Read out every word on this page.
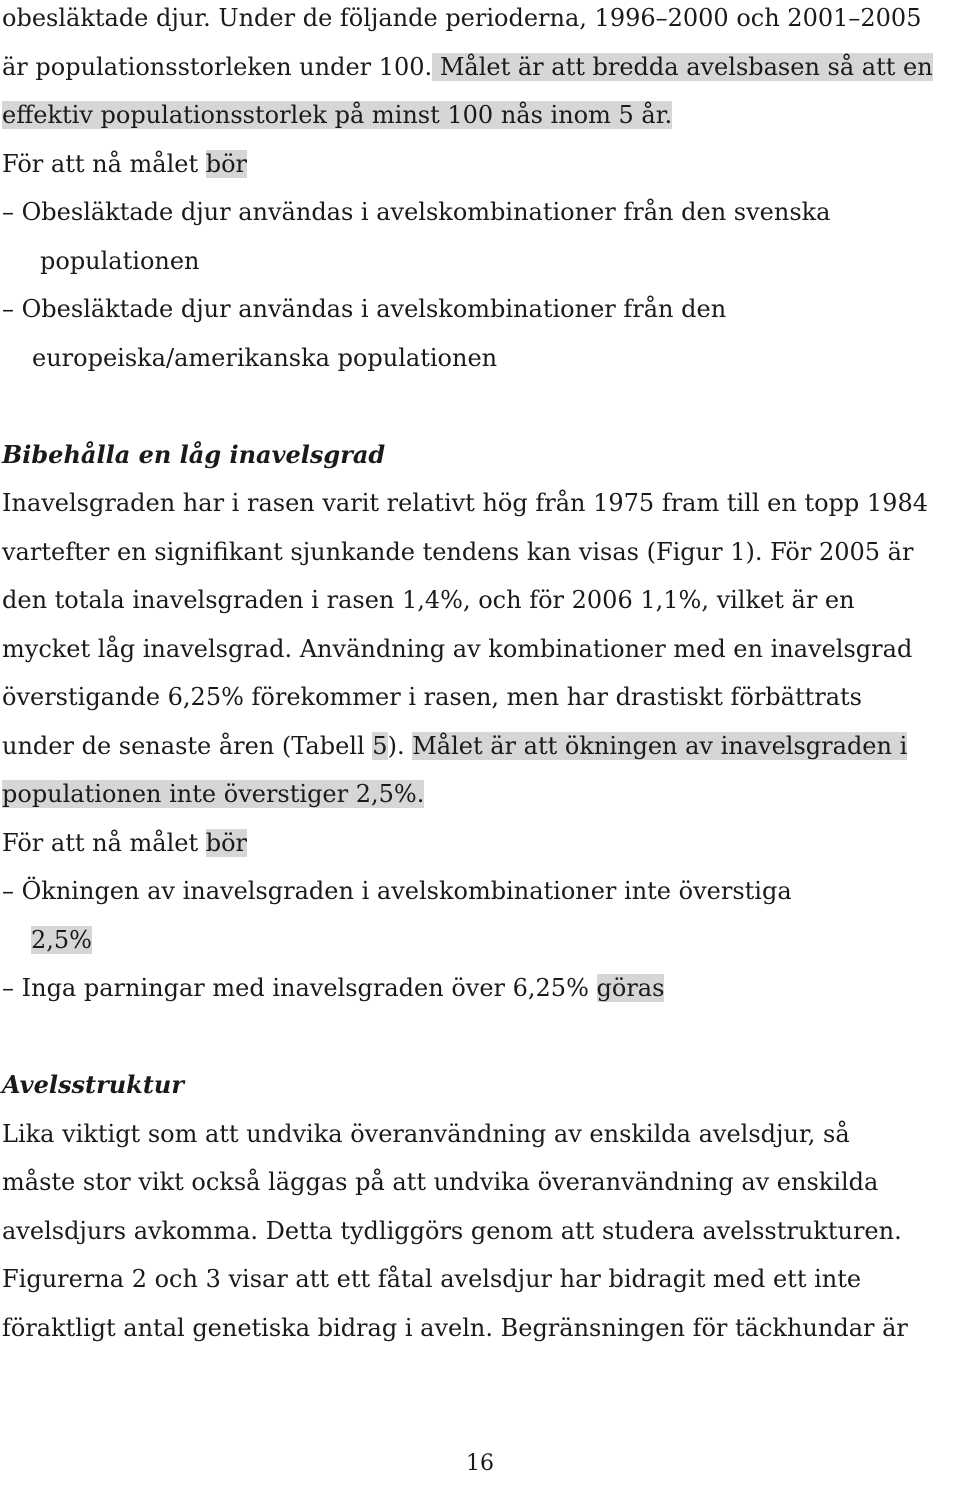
obesläktade djur. Under de följande perioderna, 1996–2000 och 2001–2005
är populationsstorleken under 100. Målet är att bredda avelsbasen så att en
effektiv populationsstorlek på minst 100 nås inom 5 år.
För att nå målet bör
– Obesläktade djur användas i avelskombinationer från den svenska
populationen
– Obesläktade djur användas i avelskombinationer från den
europeiska/amerikanska populationen
Bibehålla en låg inavelsgrad
Inavelsgraden har i rasen varit relativt hög från 1975 fram till en topp 1984
vartefter en signifikant sjunkande tendens kan visas (Figur 1). För 2005 är
den totala inavelsgraden i rasen 1,4%, och för 2006 1,1%, vilket är en
mycket låg inavelsgrad. Användning av kombinationer med en inavelsgrad
överstigande 6,25% förekommer i rasen, men har drastiskt förbättrats
under de senaste åren (Tabell 5). Målet är att ökningen av inavelsgraden i
populationen inte överstiger 2,5%.
För att nå målet bör
– Ökningen av inavelsgraden i avelskombinationer inte överstiga
2,5%
– Inga parningar med inavelsgraden över 6,25% göras
Avelsstruktur
Lika viktigt som att undvika överanvändning av enskilda avelsdjur, så
måste stor vikt också läggas på att undvika överanvändning av enskilda
avelsdjurs avkomma. Detta tydliggörs genom att studera avelsstrukturen.
Figurerna 2 och 3 visar att ett fåtal avelsdjur har bidragit med ett inte
föraktligt antal genetiska bidrag i aveln. Begränsningen för täckhundar är
16
